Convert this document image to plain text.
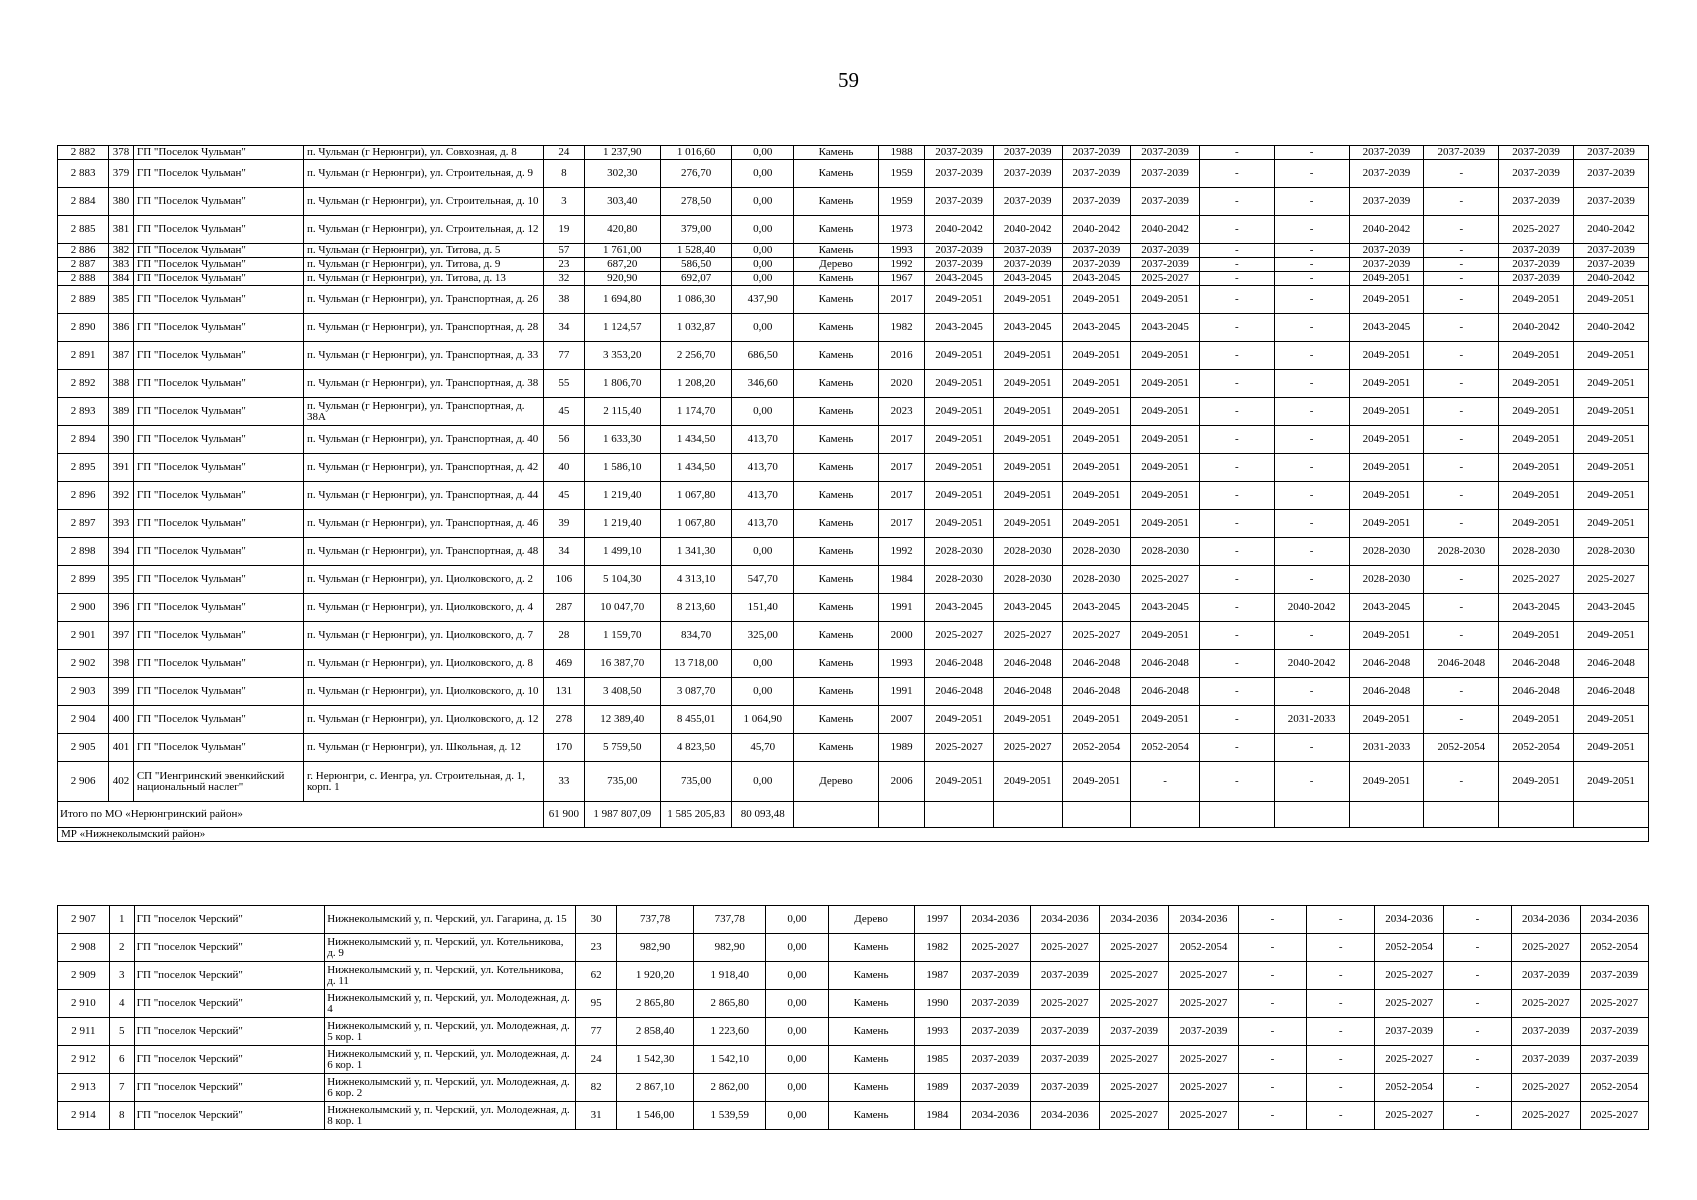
59
2 882	378	ГП "Поселок Чульман"	п. Чульман (г Нерюнгри), ул. Совхозная, д. 8	24	1 237,90	1 016,60	0,00	Камень	1988	2037-2039	2037-2039	2037-2039	2037-2039	-	-	2037-2039	2037-2039	2037-2039	2037-2039
2 883	379	ГП "Поселок Чульман"	п. Чульман (г Нерюнгри), ул. Строительная, д. 9	8	302,30	276,70	0,00	Камень	1959	2037-2039	2037-2039	2037-2039	2037-2039	-	-	2037-2039	-	2037-2039	2037-2039
2 884	380	ГП "Поселок Чульман"	п. Чульман (г Нерюнгри), ул. Строительная, д. 10	3	303,40	278,50	0,00	Камень	1959	2037-2039	2037-2039	2037-2039	2037-2039	-	-	2037-2039	-	2037-2039	2037-2039
2 885	381	ГП "Поселок Чульман"	п. Чульман (г Нерюнгри), ул. Строительная, д. 12	19	420,80	379,00	0,00	Камень	1973	2040-2042	2040-2042	2040-2042	2040-2042	-	-	2040-2042	-	2025-2027	2040-2042
2 886	382	ГП "Поселок Чульман"	п. Чульман (г Нерюнгри), ул. Титова, д. 5	57	1 761,00	1 528,40	0,00	Камень	1993	2037-2039	2037-2039	2037-2039	2037-2039	-	-	2037-2039	-	2037-2039	2037-2039
2 887	383	ГП "Поселок Чульман"	п. Чульман (г Нерюнгри), ул. Титова, д. 9	23	687,20	586,50	0,00	Дерево	1992	2037-2039	2037-2039	2037-2039	2037-2039	-	-	2037-2039	-	2037-2039	2037-2039
2 888	384	ГП "Поселок Чульман"	п. Чульман (г Нерюнгри), ул. Титова, д. 13	32	920,90	692,07	0,00	Камень	1967	2043-2045	2043-2045	2043-2045	2025-2027	-	-	2049-2051	-	2037-2039	2040-2042
2 889	385	ГП "Поселок Чульман"	п. Чульман (г Нерюнгри), ул. Транспортная, д. 26	38	1 694,80	1 086,30	437,90	Камень	2017	2049-2051	2049-2051	2049-2051	2049-2051	-	-	2049-2051	-	2049-2051	2049-2051
2 890	386	ГП "Поселок Чульман"	п. Чульман (г Нерюнгри), ул. Транспортная, д. 28	34	1 124,57	1 032,87	0,00	Камень	1982	2043-2045	2043-2045	2043-2045	2043-2045	-	-	2043-2045	-	2040-2042	2040-2042
2 891	387	ГП "Поселок Чульман"	п. Чульман (г Нерюнгри), ул. Транспортная, д. 33	77	3 353,20	2 256,70	686,50	Камень	2016	2049-2051	2049-2051	2049-2051	2049-2051	-	-	2049-2051	-	2049-2051	2049-2051
2 892	388	ГП "Поселок Чульман"	п. Чульман (г Нерюнгри), ул. Транспортная, д. 38	55	1 806,70	1 208,20	346,60	Камень	2020	2049-2051	2049-2051	2049-2051	2049-2051	-	-	2049-2051	-	2049-2051	2049-2051
2 893	389	ГП "Поселок Чульман"	п. Чульман (г Нерюнгри), ул. Транспортная, д. 38А	45	2 115,40	1 174,70	0,00	Камень	2023	2049-2051	2049-2051	2049-2051	2049-2051	-	-	2049-2051	-	2049-2051	2049-2051
2 894	390	ГП "Поселок Чульман"	п. Чульман (г Нерюнгри), ул. Транспортная, д. 40	56	1 633,30	1 434,50	413,70	Камень	2017	2049-2051	2049-2051	2049-2051	2049-2051	-	-	2049-2051	-	2049-2051	2049-2051
2 895	391	ГП "Поселок Чульман"	п. Чульман (г Нерюнгри), ул. Транспортная, д. 42	40	1 586,10	1 434,50	413,70	Камень	2017	2049-2051	2049-2051	2049-2051	2049-2051	-	-	2049-2051	-	2049-2051	2049-2051
2 896	392	ГП "Поселок Чульман"	п. Чульман (г Нерюнгри), ул. Транспортная, д. 44	45	1 219,40	1 067,80	413,70	Камень	2017	2049-2051	2049-2051	2049-2051	2049-2051	-	-	2049-2051	-	2049-2051	2049-2051
2 897	393	ГП "Поселок Чульман"	п. Чульман (г Нерюнгри), ул. Транспортная, д. 46	39	1 219,40	1 067,80	413,70	Камень	2017	2049-2051	2049-2051	2049-2051	2049-2051	-	-	2049-2051	-	2049-2051	2049-2051
2 898	394	ГП "Поселок Чульман"	п. Чульман (г Нерюнгри), ул. Транспортная, д. 48	34	1 499,10	1 341,30	0,00	Камень	1992	2028-2030	2028-2030	2028-2030	2028-2030	-	-	2028-2030	2028-2030	2028-2030	2028-2030
2 899	395	ГП "Поселок Чульман"	п. Чульман (г Нерюнгри), ул. Циолковского, д. 2	106	5 104,30	4 313,10	547,70	Камень	1984	2028-2030	2028-2030	2028-2030	2025-2027	-	-	2028-2030	-	2025-2027	2025-2027
2 900	396	ГП "Поселок Чульман"	п. Чульман (г Нерюнгри), ул. Циолковского, д. 4	287	10 047,70	8 213,60	151,40	Камень	1991	2043-2045	2043-2045	2043-2045	2043-2045	-	2040-2042	2043-2045	-	2043-2045	2043-2045
2 901	397	ГП "Поселок Чульман"	п. Чульман (г Нерюнгри), ул. Циолковского, д. 7	28	1 159,70	834,70	325,00	Камень	2000	2025-2027	2025-2027	2025-2027	2049-2051	-	-	2049-2051	-	2049-2051	2049-2051
2 902	398	ГП "Поселок Чульман"	п. Чульман (г Нерюнгри), ул. Циолковского, д. 8	469	16 387,70	13 718,00	0,00	Камень	1993	2046-2048	2046-2048	2046-2048	2046-2048	-	2040-2042	2046-2048	2046-2048	2046-2048	2046-2048
2 903	399	ГП "Поселок Чульман"	п. Чульман (г Нерюнгри), ул. Циолковского, д. 10	131	3 408,50	3 087,70	0,00	Камень	1991	2046-2048	2046-2048	2046-2048	2046-2048	-	-	2046-2048	-	2046-2048	2046-2048
2 904	400	ГП "Поселок Чульман"	п. Чульман (г Нерюнгри), ул. Циолковского, д. 12	278	12 389,40	8 455,01	1 064,90	Камень	2007	2049-2051	2049-2051	2049-2051	2049-2051	-	2031-2033	2049-2051	-	2049-2051	2049-2051
2 905	401	ГП "Поселок Чульман"	п. Чульман (г Нерюнгри), ул. Школьная, д. 12	170	5 759,50	4 823,50	45,70	Камень	1989	2025-2027	2025-2027	2052-2054	2052-2054	-	-	2031-2033	2052-2054	2052-2054	2049-2051
2 906	402	СП "Иенгринский эвенкийский национальный наслег"	г. Нерюнгри, с. Иенгра, ул. Строительная, д. 1, корп. 1	33	735,00	735,00	0,00	Дерево	2006	2049-2051	2049-2051	2049-2051	-	-	-	2049-2051	-	2049-2051	2049-2051
Итого по МО «Нерюнгринский район»				61 900	1 987 807,09	1 585 205,83	80 093,48												
МР «Нижнеколымский район»																			
2 907	1	ГП "поселок Черский"	Нижнеколымский у, п. Черский, ул. Гагарина, д. 15	30	737,78	737,78	0,00	Дерево	1997	2034-2036	2034-2036	2034-2036	2034-2036	-	-	2034-2036	-	2034-2036	2034-2036
2 908	2	ГП "поселок Черский"	Нижнеколымский у, п. Черский, ул. Котельникова, д. 9	23	982,90	982,90	0,00	Камень	1982	2025-2027	2025-2027	2025-2027	2052-2054	-	-	2052-2054	-	2025-2027	2052-2054
2 909	3	ГП "поселок Черский"	Нижнеколымский у, п. Черский, ул. Котельникова, д. 11	62	1 920,20	1 918,40	0,00	Камень	1987	2037-2039	2037-2039	2025-2027	2025-2027	-	-	2025-2027	-	2037-2039	2037-2039
2 910	4	ГП "поселок Черский"	Нижнеколымский у, п. Черский, ул. Молодежная, д. 4	95	2 865,80	2 865,80	0,00	Камень	1990	2037-2039	2025-2027	2025-2027	2025-2027	-	-	2025-2027	-	2025-2027	2025-2027
2 911	5	ГП "поселок Черский"	Нижнеколымский у, п. Черский, ул. Молодежная, д. 5 кор. 1	77	2 858,40	1 223,60	0,00	Камень	1993	2037-2039	2037-2039	2037-2039	2037-2039	-	-	2037-2039	-	2037-2039	2037-2039
2 912	6	ГП "поселок Черский"	Нижнеколымский у, п. Черский, ул. Молодежная, д. 6 кор. 1	24	1 542,30	1 542,10	0,00	Камень	1985	2037-2039	2037-2039	2025-2027	2025-2027	-	-	2025-2027	-	2037-2039	2037-2039
2 913	7	ГП "поселок Черский"	Нижнеколымский у, п. Черский, ул. Молодежная, д. 6 кор. 2	82	2 867,10	2 862,00	0,00	Камень	1989	2037-2039	2037-2039	2025-2027	2025-2027	-	-	2052-2054	-	2025-2027	2052-2054
2 914	8	ГП "поселок Черский"	Нижнеколымский у, п. Черский, ул. Молодежная, д. 8 кор. 1	31	1 546,00	1 539,59	0,00	Камень	1984	2034-2036	2034-2036	2025-2027	2025-2027	-	-	2025-2027	-	2025-2027	2025-2027
